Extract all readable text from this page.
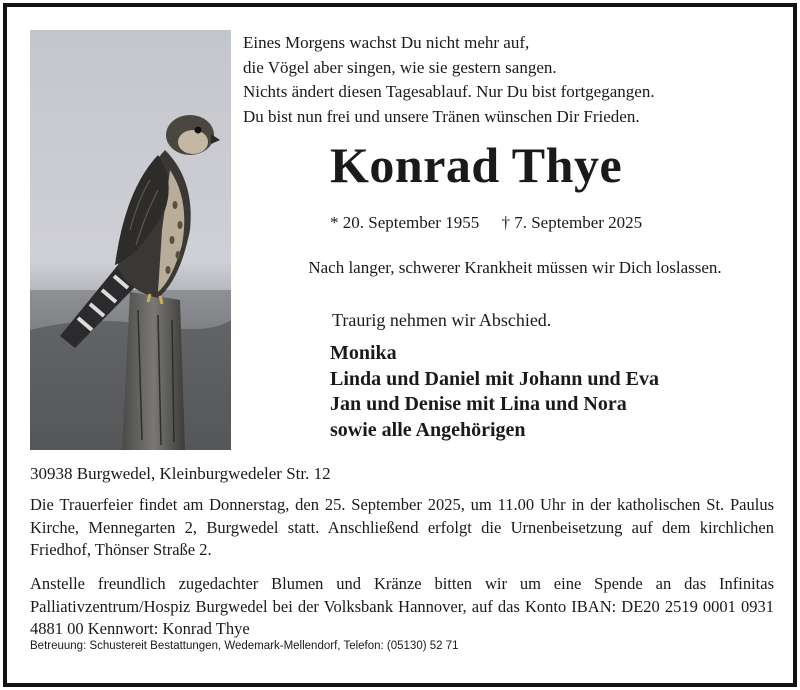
Eines Morgens wachst Du nicht mehr auf,
die Vögel aber singen, wie sie gestern sangen.
Nichts ändert diesen Tagesablauf. Nur Du bist fortgegangen.
Du bist nun frei und unsere Tränen wünschen Dir Frieden.
Konrad Thye
* 20. September 1955 † 7. September 2025
Nach langer, schwerer Krankheit müssen wir Dich loslassen.
Traurig nehmen wir Abschied.
Monika
Linda und Daniel mit Johann und Eva
Jan und Denise mit Lina und Nora
sowie alle Angehörigen
30938 Burgwedel, Kleinburgwedeler Str. 12
Die Trauerfeier findet am Donnerstag, den 25. September 2025, um 11.00 Uhr in der katholischen St. Paulus Kirche, Mennegarten 2, Burgwedel statt. Anschließend erfolgt die Urnenbeisetzung auf dem kirchlichen Friedhof, Thönser Straße 2.
Anstelle freundlich zugedachter Blumen und Kränze bitten wir um eine Spende an das Infinitas Palliativzentrum/Hospiz Burgwedel bei der Volksbank Hannover, auf das Konto IBAN: DE20 2519 0001 0931 4881 00 Kennwort: Konrad Thye
Betreuung: Schustereit Bestattungen, Wedemark-Mellendorf, Telefon: (05130) 52 71
